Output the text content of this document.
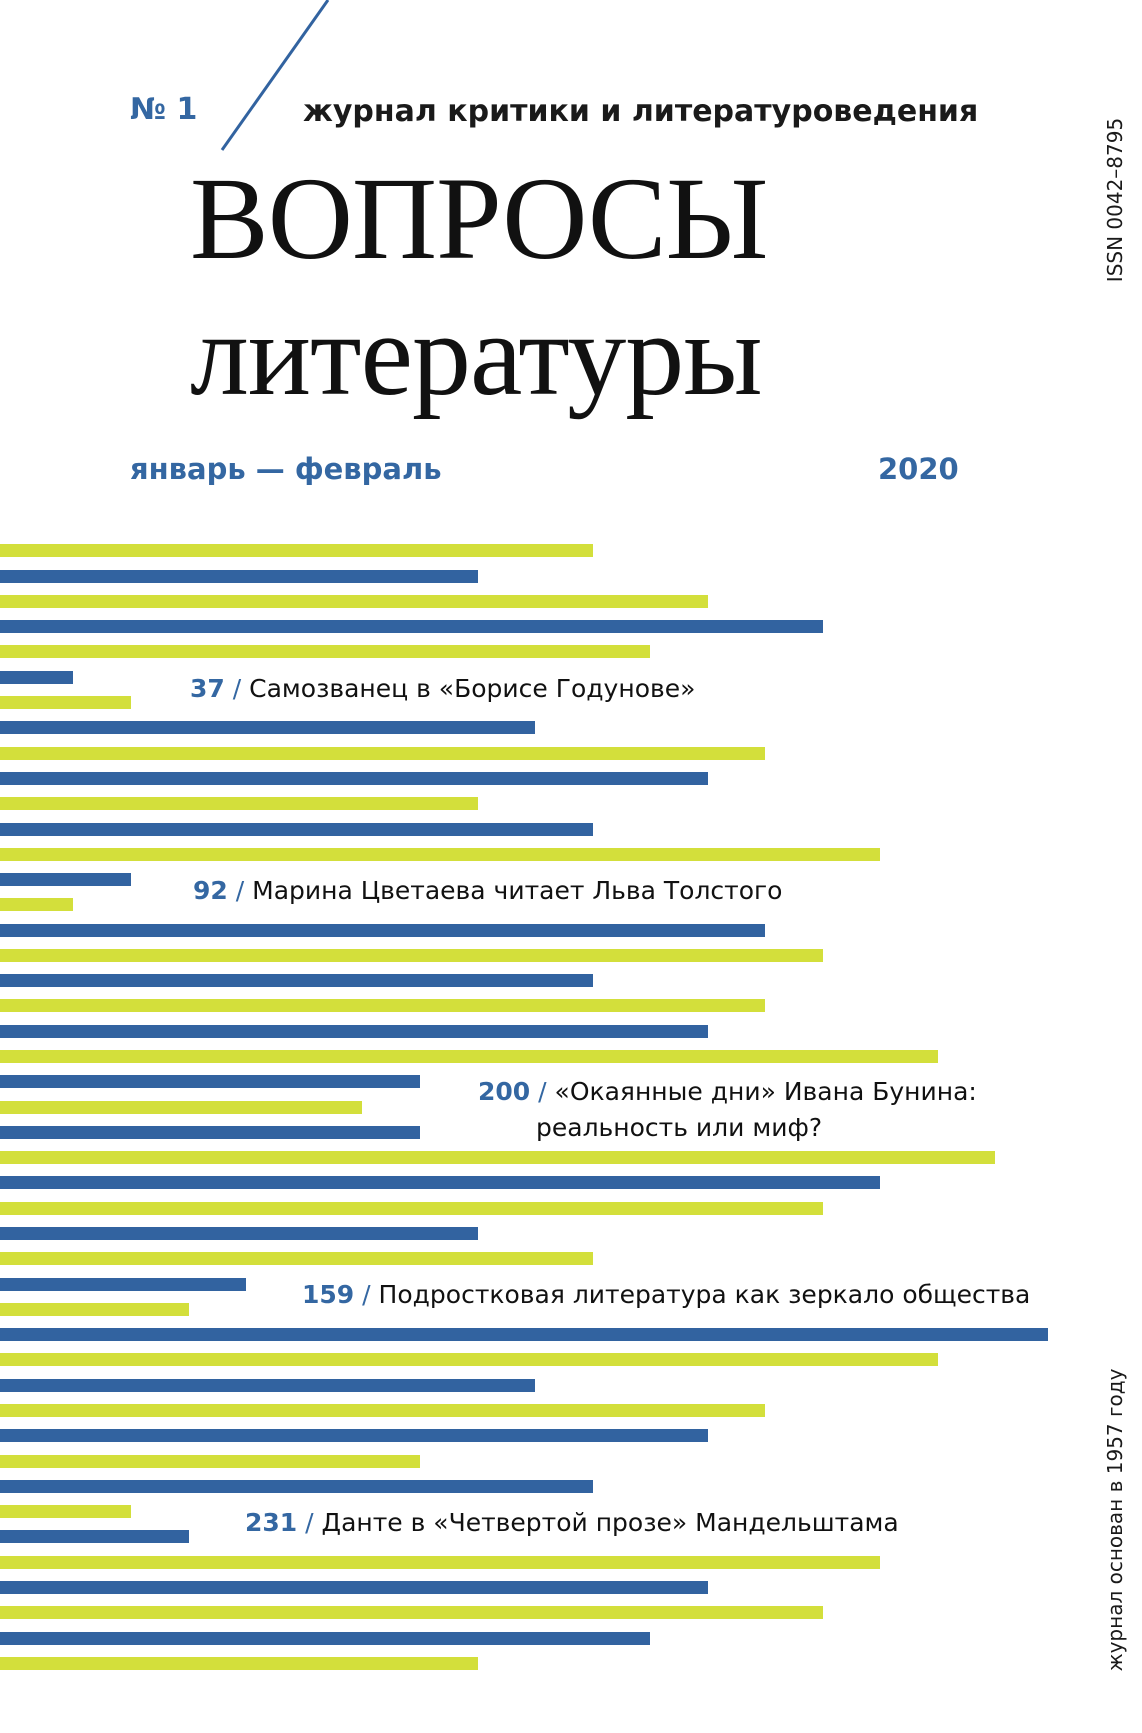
№ 1	журнал критики и литературоведения
ВОПРОСЫ
литературы
январь — февраль	2020
ISSN 0042–8795
журнал основан в 1957 году
37 / Самозванец в «Борисе Годунове»
92 / Марина Цветаева читает Льва Толстого
200 / «Окаянные дни» Ивана Бунина:
реальность или миф?
159 / Подростковая литература как зеркало общества
231 / Данте в «Четвертой прозе» Мандельштама
